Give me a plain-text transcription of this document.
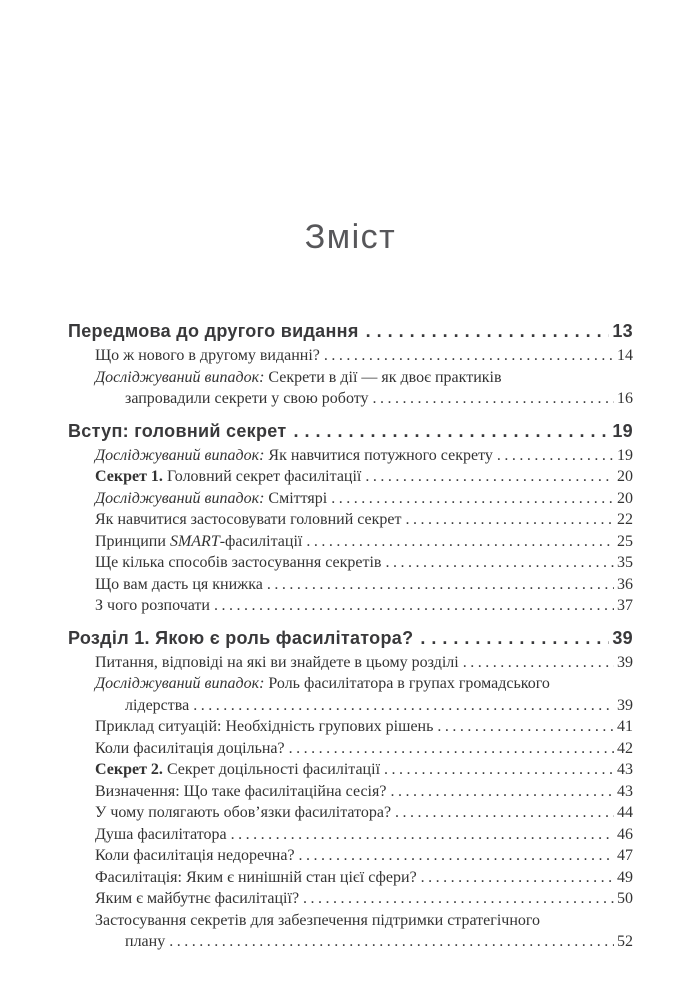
Зміст
Передмова до другого видання .....	13
Що ж нового в другому виданні? .....	14
Досліджуваний випадок: Секрети в дії — як двоє практиків
запровадили секрети у свою роботу .....	16
Вступ: головний секрет .....	19
Досліджуваний випадок: Як навчитися потужного секрету .....	19
Секрет 1. Головний секрет фасилітації .....	20
Досліджуваний випадок: Сміттярі .....	20
Як навчитися застосовувати головний секрет .....	22
Принципи SMART-фасилітації .....	25
Ще кілька способів застосування секретів .....	35
Що вам дасть ця книжка .....	36
З чого розпочати .....	37
Розділ 1. Якою є роль фасилітатора? .....	39
Питання, відповіді на які ви знайдете в цьому розділі .....	39
Досліджуваний випадок: Роль фасилітатора в групах громадського
лідерства .....	39
Приклад ситуацій: Необхідність групових рішень .....	41
Коли фасилітація доцільна? .....	42
Секрет 2. Секрет доцільності фасилітації .....	43
Визначення: Що таке фасилітаційна сесія? .....	43
У чому полягають обов’язки фасилітатора? .....	44
Душа фасилітатора .....	46
Коли фасилітація недоречна? .....	47
Фасилітація: Яким є нинішній стан цієї сфери? .....	49
Яким є майбутнє фасилітації? .....	50
Застосування секретів для забезпечення підтримки стратегічного
плану .....	52
